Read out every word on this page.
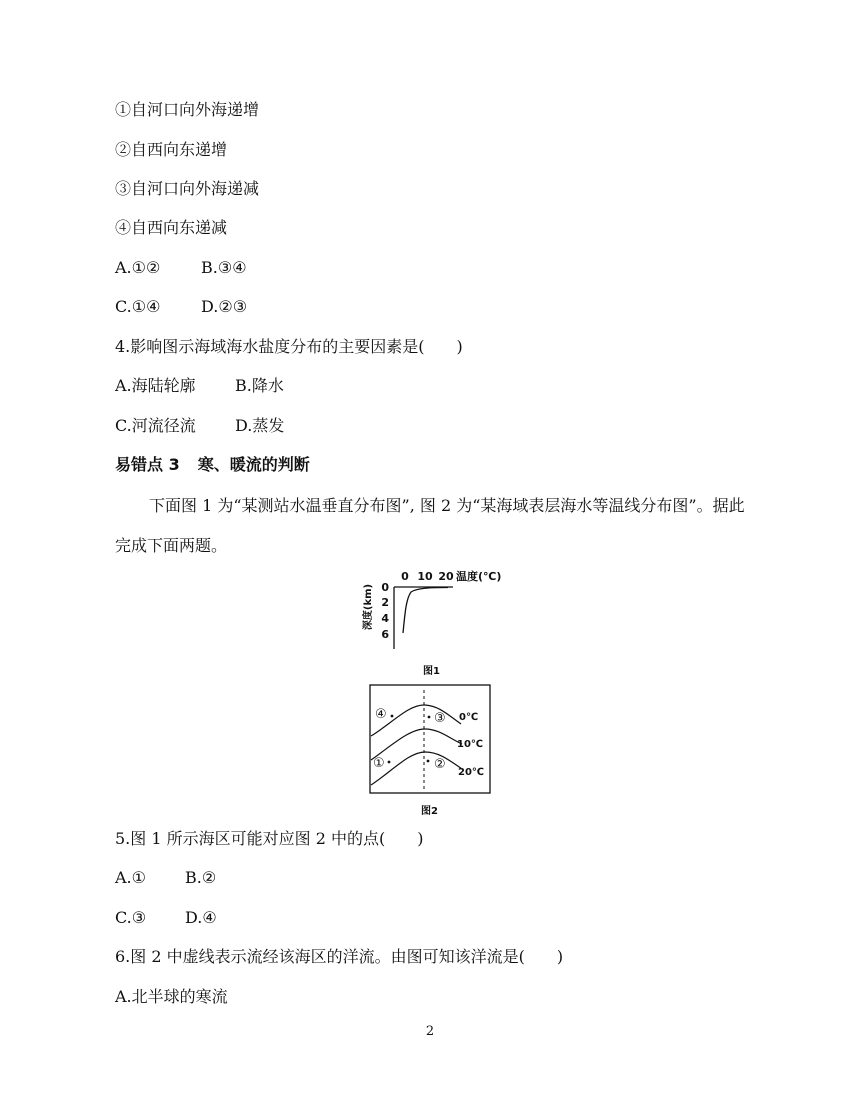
①自河口向外海递增
②自西向东递增
③自河口向外海递减
④自西向东递减
A.①②	B.③④
C.①④	D.②③
4.影响图示海域海水盐度分布的主要因素是(　　)
A.海陆轮廓 B.降水
C.河流径流 D.蒸发
易错点 3 寒、暖流的判断
下面图 1 为“某测站水温垂直分布图”, 图 2 为“某海域表层海水等温线分布图”。据此完成下面两题。
0 10 20 温度(℃)
深度(km) 0
2
4
6
图1
0℃
10℃
20℃
④	③
①	②
图2
5.图 1 所示海区可能对应图 2 中的点(　　)
A.① B.②
C.③ D.④
6.图 2 中虚线表示流经该海区的洋流。由图可知该洋流是(　　)
A.北半球的寒流
2
